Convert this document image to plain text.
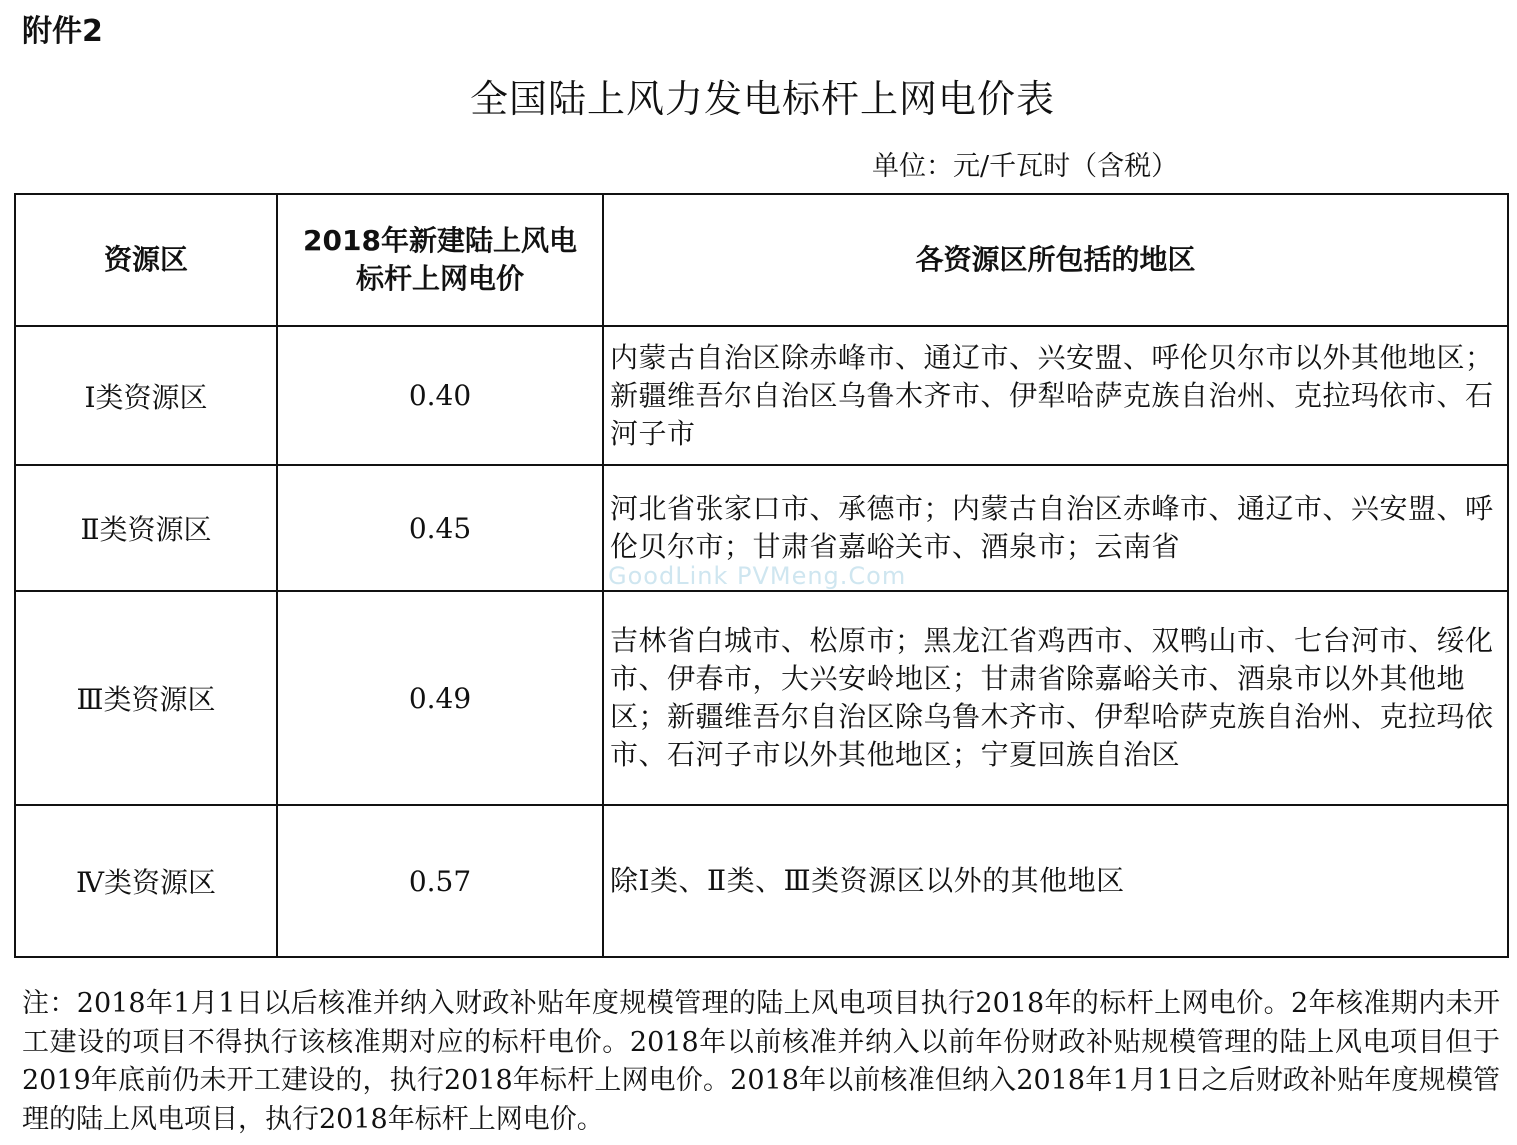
附件2
全国陆上风力发电标杆上网电价表
单位：元/千瓦时（含税）
资源区	2018年新建陆上风电标杆上网电价	各资源区所包括的地区
Ⅰ类资源区	0.40	内蒙古自治区除赤峰市、通辽市、兴安盟、呼伦贝尔市以外其他地区；新疆维吾尔自治区乌鲁木齐市、伊犁哈萨克族自治州、克拉玛依市、石河子市
Ⅱ类资源区	0.45	河北省张家口市、承德市；内蒙古自治区赤峰市、通辽市、兴安盟、呼伦贝尔市；甘肃省嘉峪关市、酒泉市；云南省
Ⅲ类资源区	0.49	吉林省白城市、松原市；黑龙江省鸡西市、双鸭山市、七台河市、绥化市、伊春市，大兴安岭地区；甘肃省除嘉峪关市、酒泉市以外其他地区；新疆维吾尔自治区除乌鲁木齐市、伊犁哈萨克族自治州、克拉玛依市、石河子市以外其他地区；宁夏回族自治区
Ⅳ类资源区	0.57	除Ⅰ类、Ⅱ类、Ⅲ类资源区以外的其他地区
GoodLink PVMeng.Com
注：2018年1月1日以后核准并纳入财政补贴年度规模管理的陆上风电项目执行2018年的标杆上网电价。2年核准期内未开工建设的项目不得执行该核准期对应的标杆电价。2018年以前核准并纳入以前年份财政补贴规模管理的陆上风电项目但于2019年底前仍未开工建设的，执行2018年标杆上网电价。2018年以前核准但纳入2018年1月1日之后财政补贴年度规模管理的陆上风电项目，执行2018年标杆上网电价。
